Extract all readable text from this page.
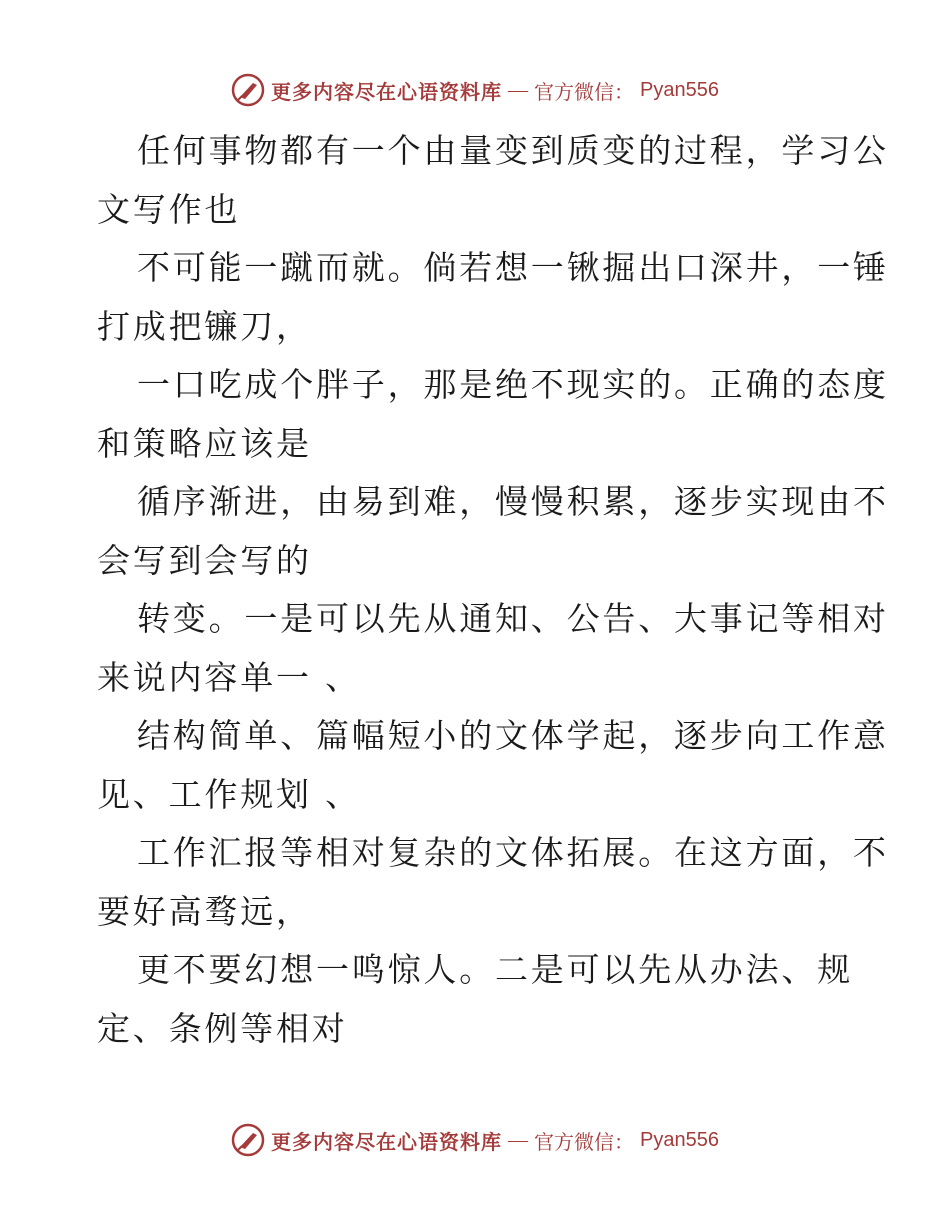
更多内容尽在心语资料库 — 官方微信： Pyan556
任何事物都有一个由量变到质变的过程，学习公
文写作也
不可能一蹴而就。倘若想一锹掘出口深井，一锤
打成把镰刀，
一口吃成个胖子，那是绝不现实的。正确的态度
和策略应该是
循序渐进，由易到难，慢慢积累，逐步实现由不
会写到会写的
转变。一是可以先从通知、公告、大事记等相对
来说内容单一 、
结构简单、篇幅短小的文体学起，逐步向工作意
见、工作规划 、
工作汇报等相对复杂的文体拓展。在这方面，不
要好高骛远，
更不要幻想一鸣惊人。二是可以先从办法、规
定、条例等相对
更多内容尽在心语资料库 — 官方微信： Pyan556
